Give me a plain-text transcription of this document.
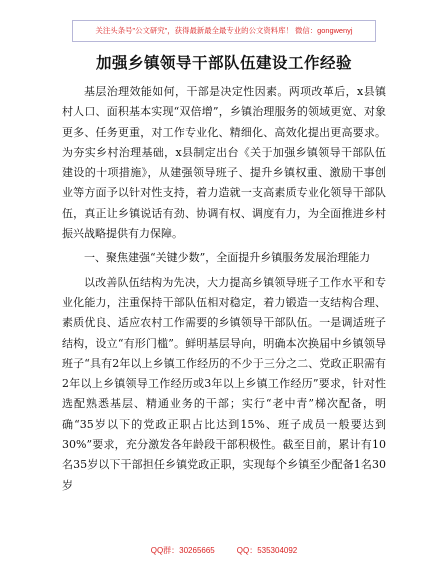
关注头条号"公文研究"，获得最新最全最专业的公文资料库！ 微信：gongwenyj
加强乡镇领导干部队伍建设工作经验

基层治理效能如何，干部是决定性因素。两项改革后，x县镇村人口、面积基本实现“双倍增”，乡镇治理服务的领域更宽、对象更多、任务更重，对工作专业化、精细化、高效化提出更高要求。为夯实乡村治理基础，x县制定出台《关于加强乡镇领导干部队伍建设的十项措施》，从建强领导班子、提升乡镇权重、激励干事创业等方面予以针对性支持，着力造就一支高素质专业化领导干部队伍，真正让乡镇说话有劲、协调有权、调度有力，为全面推进乡村振兴战略提供有力保障。

一、聚焦建强“关键少数”，全面提升乡镇服务发展治理能力

以改善队伍结构为先决，大力提高乡镇领导班子工作水平和专业化能力，注重保持干部队伍相对稳定，着力锻造一支结构合理、素质优良、适应农村工作需要的乡镇领导干部队伍。一是调适班子结构，设立“有形门槛”。鲜明基层导向，明确本次换届中乡镇领导班子“具有2年以上乡镇工作经历的不少于三分之二、党政正职需有2年以上乡镇领导工作经历或3年以上乡镇工作经历”要求，针对性选配熟悉基层、精通业务的干部；实行“老中青”梯次配备，明确“35岁以下的党政正职占比达到15%、班子成员一般要达到30%”要求，充分激发各年龄段干部积极性。截至目前，累计有10名35岁以下干部担任乡镇党政正职，实现每个乡镇至少配备1名30岁

QQ群：30265665	QQ：535304092
